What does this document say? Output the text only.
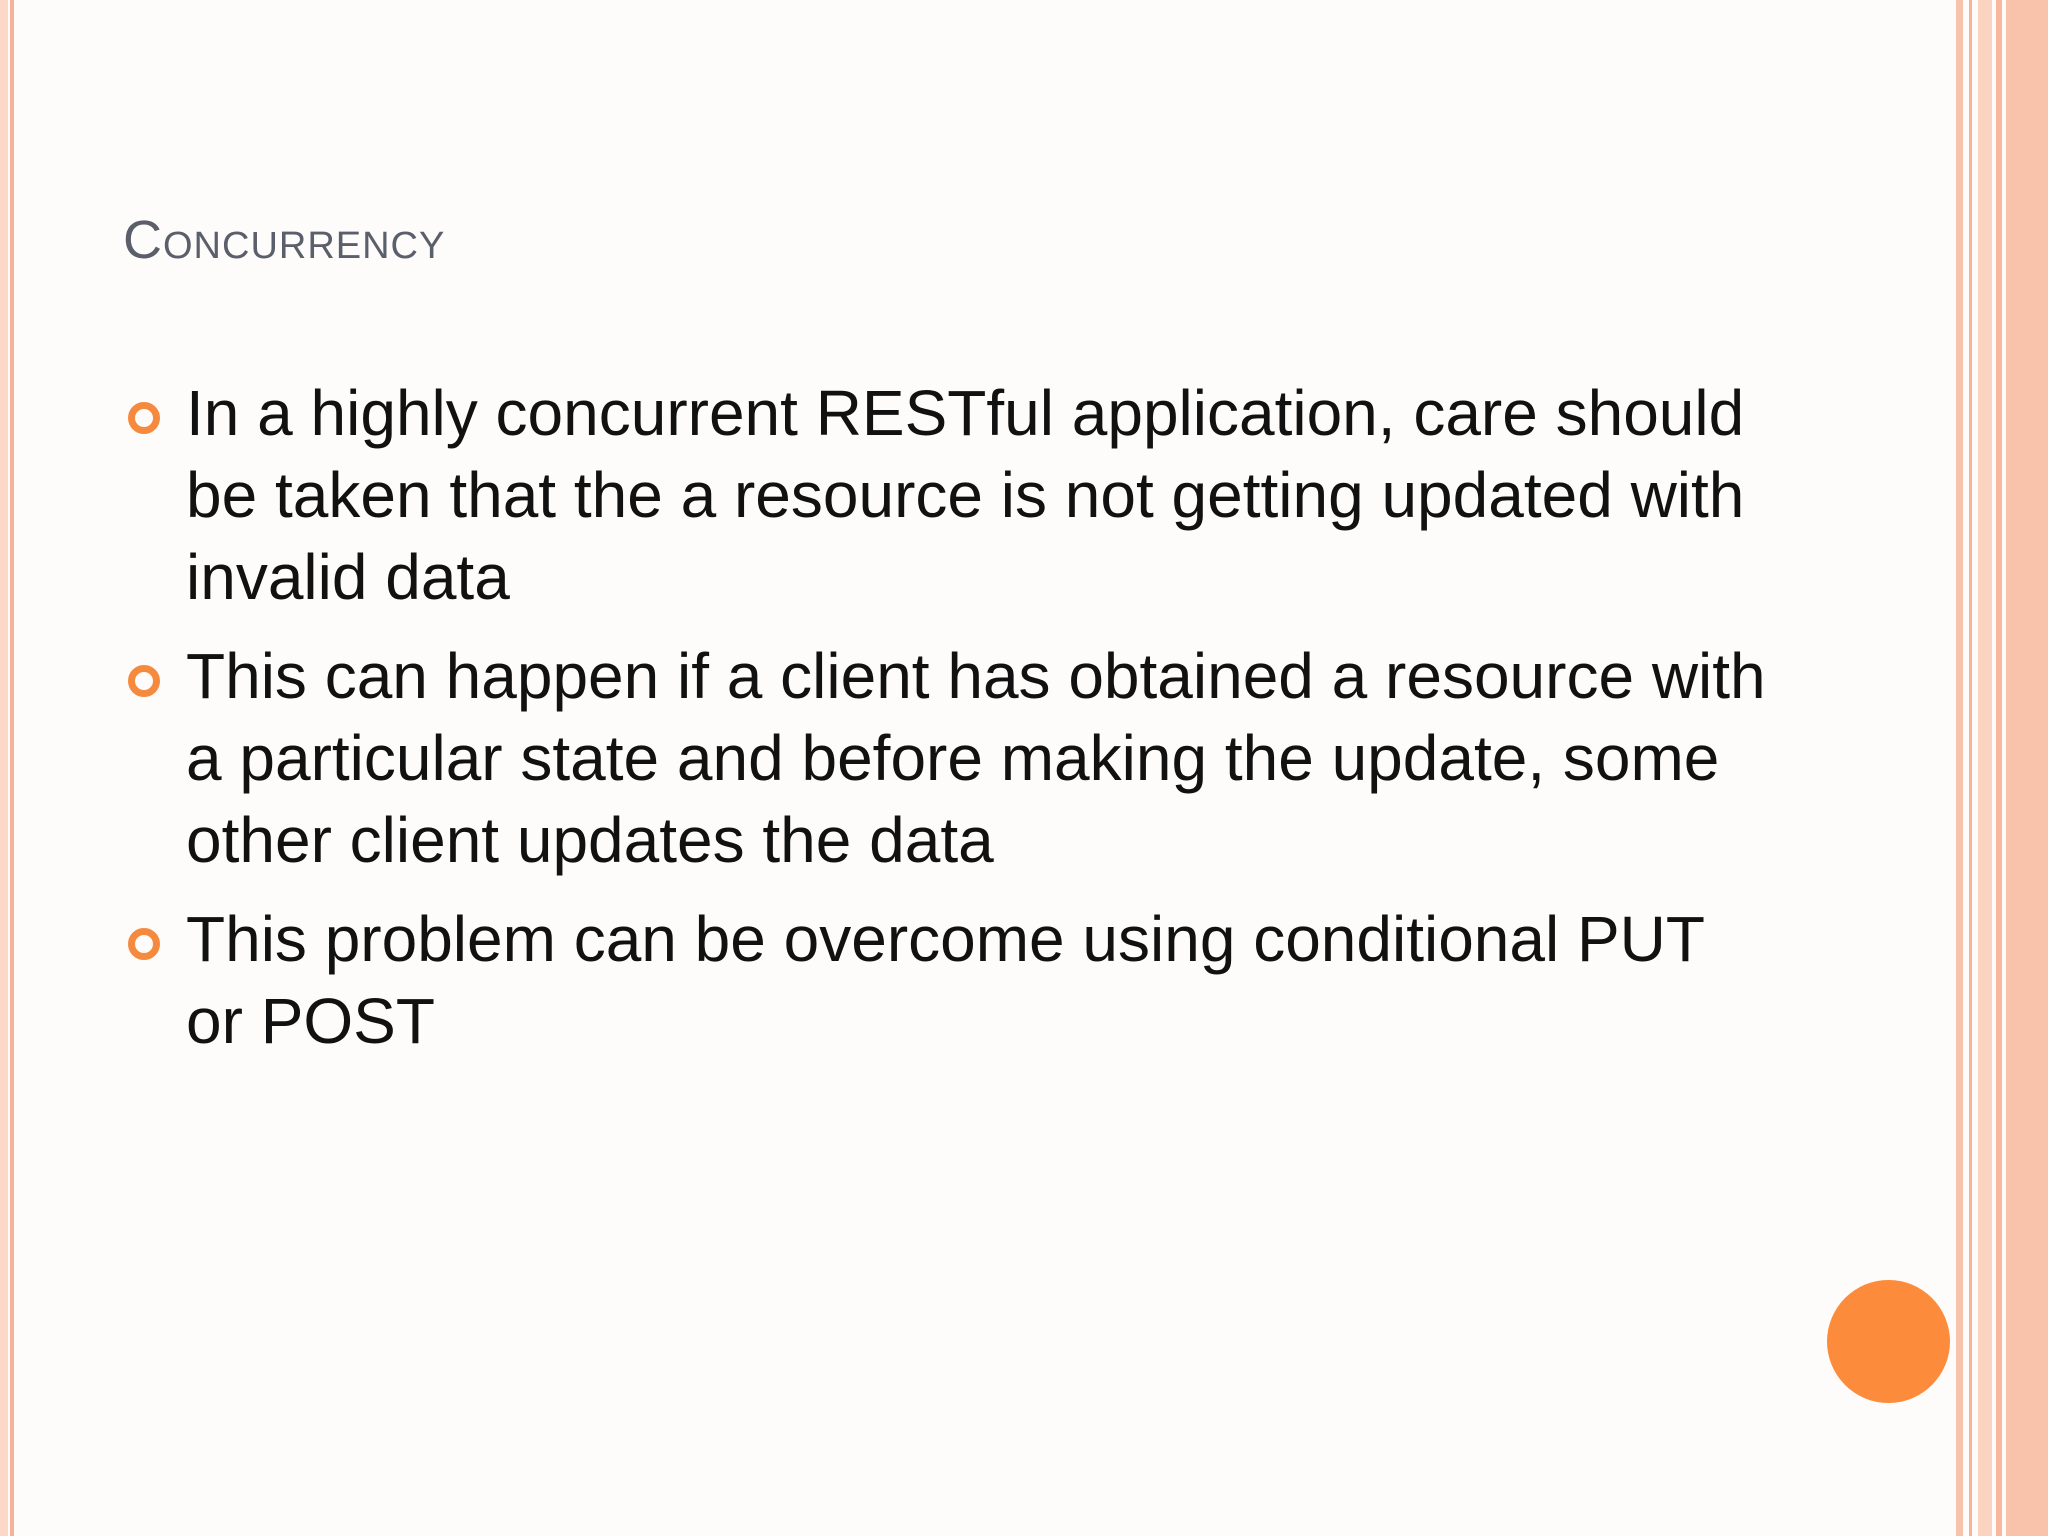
Concurrency
In a highly concurrent RESTful application, care should be taken that the a resource is not getting updated with invalid data
This can happen if a client has obtained a resource with a particular state and before making the update, some other client updates the data
This problem can be overcome using conditional PUT or POST
